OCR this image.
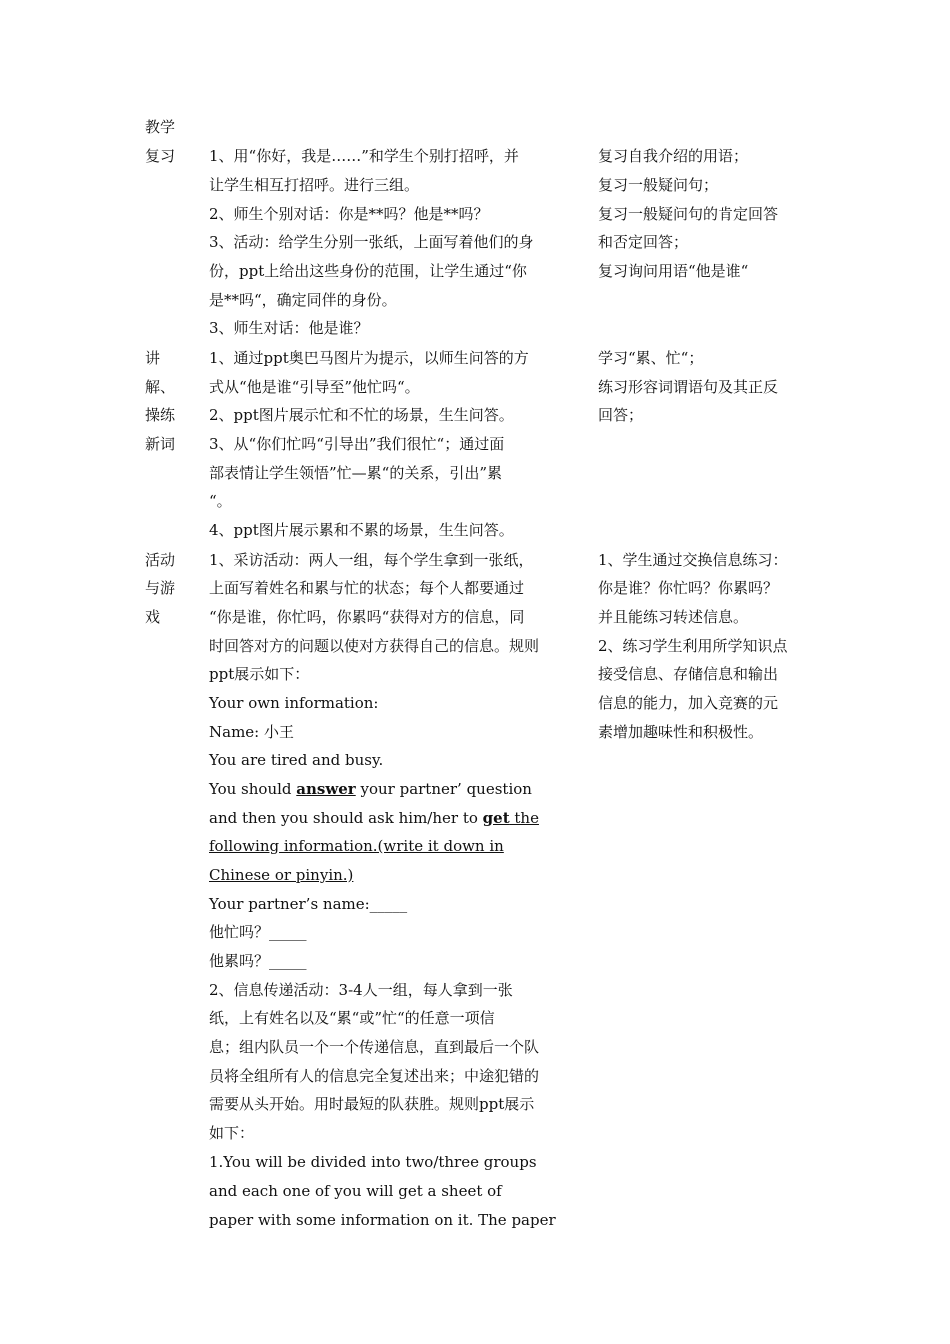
教学
复习	1、用“你好，我是……”和学生个别打招呼，并
让学生相互打招呼。进行三组。
2、师生个别对话：你是**吗？他是**吗？
3、活动：给学生分别一张纸，上面写着他们的身
份，ppt上给出这些身份的范围，让学生通过“你
是**吗“，确定同伴的身份。
3、师生对话：他是谁？
复习自我介绍的用语；
复习一般疑问句；
复习一般疑问句的肯定回答
和否定回答；
复习询问用语“他是谁“
讲
解、
操练
新词
1、通过ppt奥巴马图片为提示，以师生问答的方
式从“他是谁“引导至”他忙吗“。
2、ppt图片展示忙和不忙的场景，生生问答。
3、从“你们忙吗“引导出”我们很忙“；通过面
部表情让学生领悟”忙—累“的关系，引出”累
“。
4、ppt图片展示累和不累的场景，生生问答。
学习“累、忙“；
练习形容词谓语句及其正反
回答；
活动
与游
戏
1、采访活动：两人一组，每个学生拿到一张纸，
上面写着姓名和累与忙的状态；每个人都要通过
“你是谁，你忙吗，你累吗“获得对方的信息，同
时回答对方的问题以使对方获得自己的信息。规则
ppt展示如下：
Your own information:
Name: 小王
You are tired and busy.
You should answer your partner’ question
and then you should ask him/her to get the
following information.(write it down in
Chinese or pinyin.)
Your partner’s name:_____
他忙吗？_____
他累吗？_____
2、信息传递活动：3-4人一组，每人拿到一张
纸，上有姓名以及“累“或”忙“的任意一项信
息；组内队员一个一个传递信息，直到最后一个队
员将全组所有人的信息完全复述出来；中途犯错的
需要从头开始。用时最短的队获胜。规则ppt展示
如下：
1.You will be divided into two/three groups
and each one of you will get a sheet of
paper with some information on it. The paper
1、学生通过交换信息练习：
你是谁？你忙吗？你累吗？
并且能练习转述信息。
2、练习学生利用所学知识点
接受信息、存储信息和输出
信息的能力，加入竞赛的元
素增加趣味性和积极性。
